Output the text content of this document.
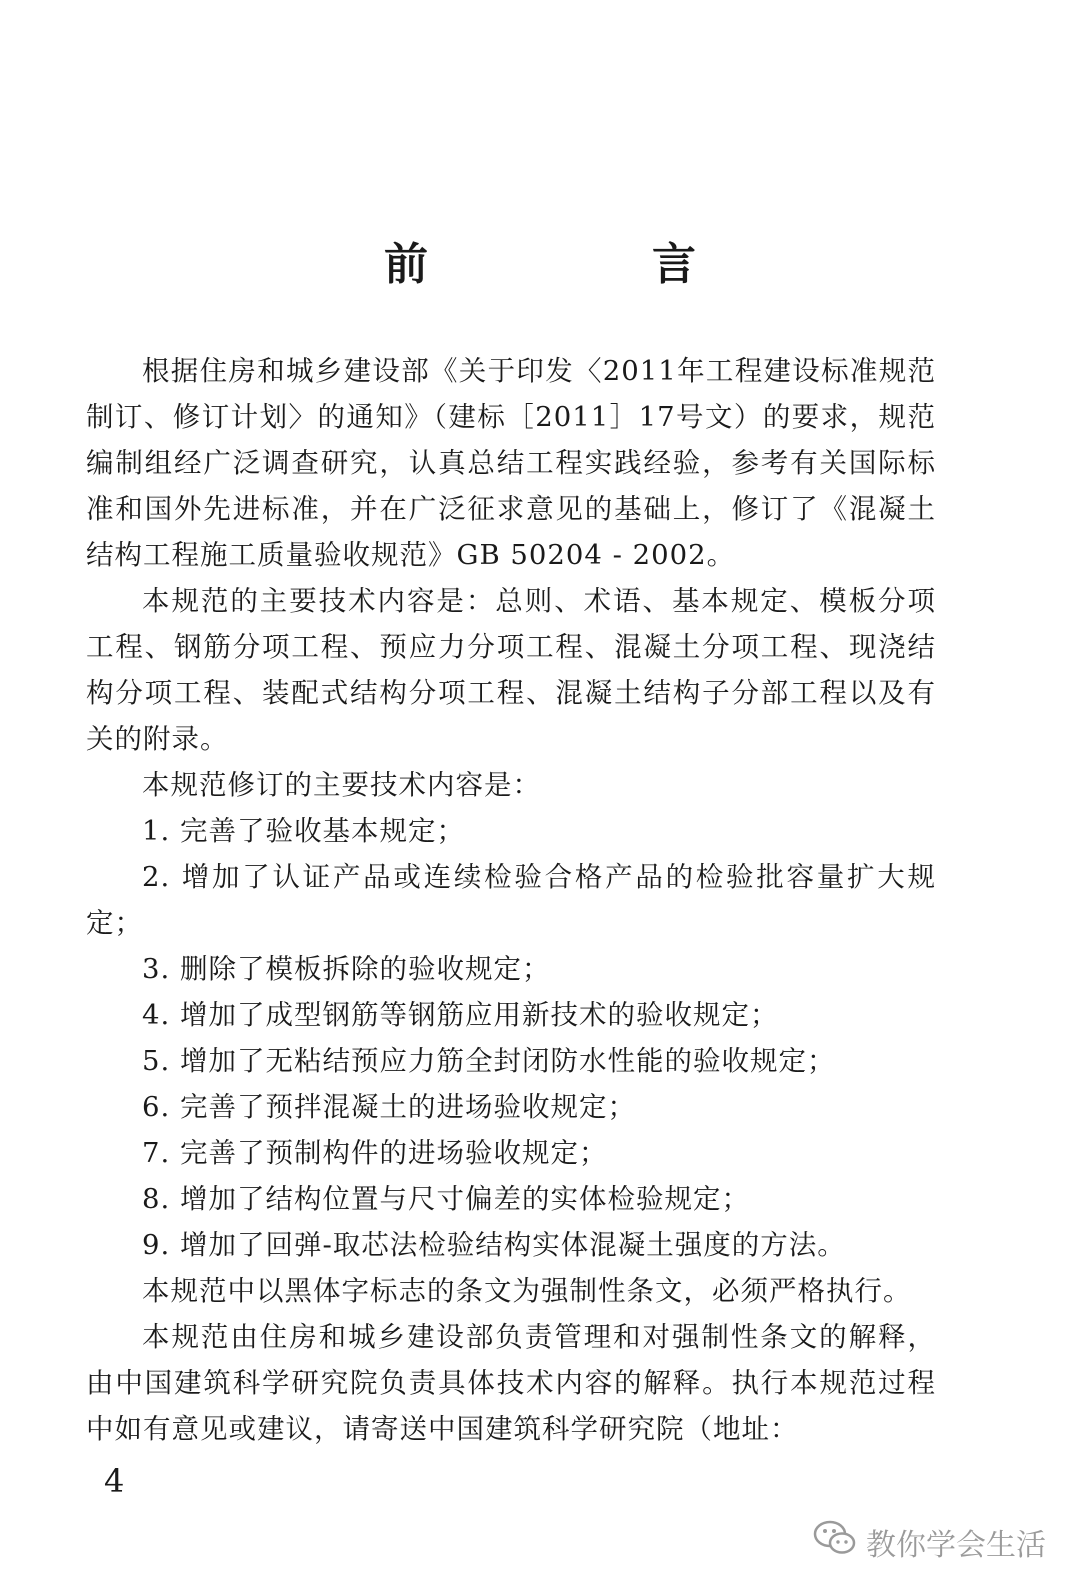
前　言

根据住房和城乡建设部《关于印发〈2011年工程建设标准规范制订、修订计划〉的通知》（建标［2011］17号文）的要求，规范编制组经广泛调查研究，认真总结工程实践经验，参考有关国际标准和国外先进标准，并在广泛征求意见的基础上，修订了《混凝土结构工程施工质量验收规范》GB 50204 - 2002。

本规范的主要技术内容是：总则、术语、基本规定、模板分项工程、钢筋分项工程、预应力分项工程、混凝土分项工程、现浇结构分项工程、装配式结构分项工程、混凝土结构子分部工程以及有关的附录。

本规范修订的主要技术内容是：

1. 完善了验收基本规定；

2. 增加了认证产品或连续检验合格产品的检验批容量扩大规定；

3. 删除了模板拆除的验收规定；

4. 增加了成型钢筋等钢筋应用新技术的验收规定；

5. 增加了无粘结预应力筋全封闭防水性能的验收规定；

6. 完善了预拌混凝土的进场验收规定；

7. 完善了预制构件的进场验收规定；

8. 增加了结构位置与尺寸偏差的实体检验规定；

9. 增加了回弹-取芯法检验结构实体混凝土强度的方法。

本规范中以黑体字标志的条文为强制性条文，必须严格执行。

本规范由住房和城乡建设部负责管理和对强制性条文的解释，由中国建筑科学研究院负责具体技术内容的解释。执行本规范过程中如有意见或建议，请寄送中国建筑科学研究院（地址：

4
教你学会生活
